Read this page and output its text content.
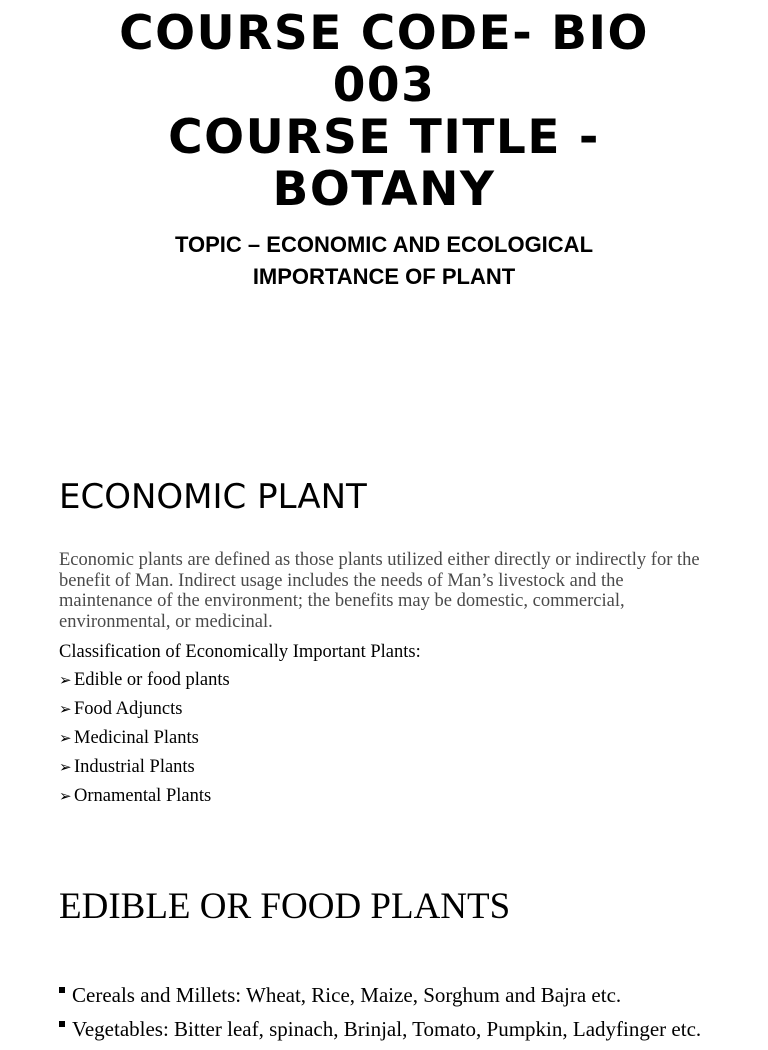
COURSE CODE- BIO
003
COURSE TITLE -
BOTANY
TOPIC – ECONOMIC AND ECOLOGICAL
IMPORTANCE OF PLANT
ECONOMIC PLANT

Economic plants are defined as those plants utilized either directly or indirectly for the benefit of Man. Indirect usage includes the needs of Man’s livestock and the maintenance of the environment; the benefits may be domestic, commercial, environmental, or medicinal.

Classification of Economically Important Plants:

➢ Edible or food plants
➢ Food Adjuncts
➢ Medicinal Plants
➢ Industrial Plants
➢ Ornamental Plants
EDIBLE OR FOOD PLANTS
Cereals and Millets: Wheat, Rice, Maize, Sorghum and Bajra etc.
Vegetables: Bitter leaf, spinach, Brinjal, Tomato, Pumpkin, Ladyfinger etc.
